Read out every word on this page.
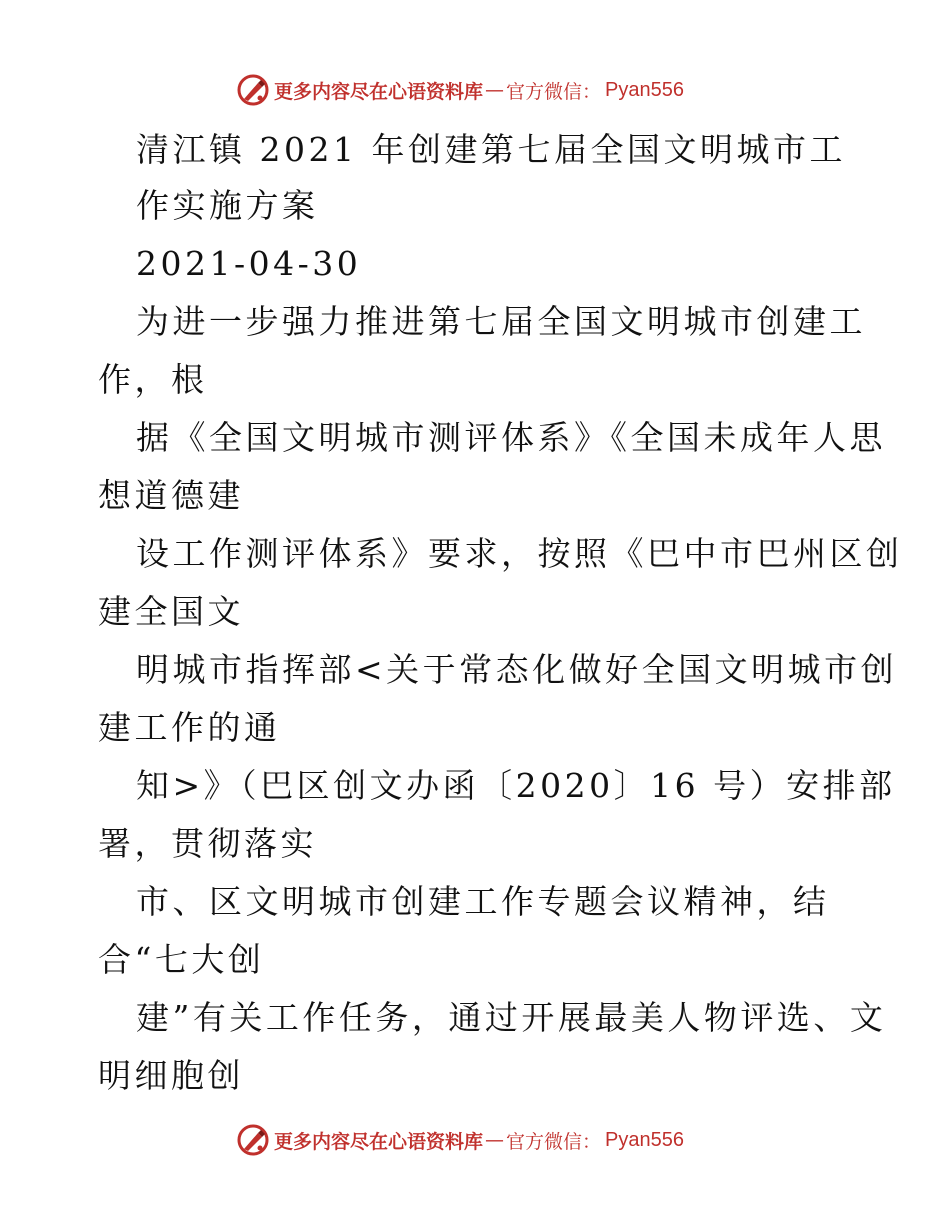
更多内容尽在心语资料库 — 官方微信： Pyan556
清江镇 2021 年创建第七届全国文明城市工
作实施方案
2021-04-30
为进一步强力推进第七届全国文明城市创建工
作，根
据《全国文明城市测评体系》《全国未成年人思
想道德建
设工作测评体系》要求，按照《巴中市巴州区创
建全国文
明城市指挥部<关于常态化做好全国文明城市创
建工作的通
知>》（巴区创文办函〔2020〕16 号）安排部
署，贯彻落实
市、区文明城市创建工作专题会议精神，结
合“七大创
建”有关工作任务，通过开展最美人物评选、文
明细胞创
更多内容尽在心语资料库 — 官方微信： Pyan556
